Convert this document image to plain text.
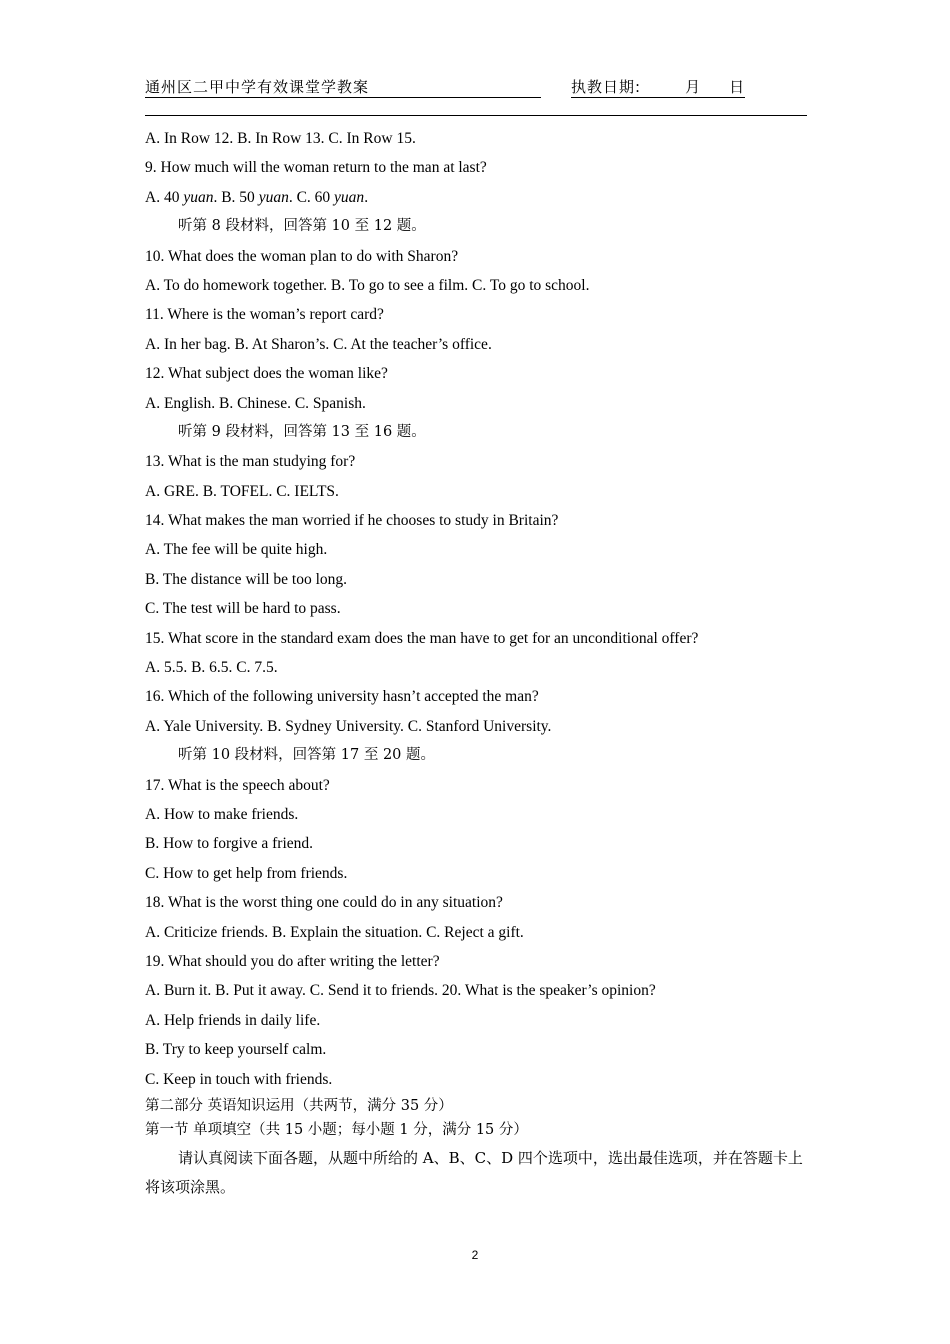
通州区二甲中学有效课堂学教案	执教日期:	月 日
A. In Row 12. B. In Row 13. C. In Row 15.
9. How much will the woman return to the man at last?
A. 40 yuan. B. 50 yuan. C. 60 yuan.
听第 8 段材料，回答第 10 至 12 题。
10. What does the woman plan to do with Sharon?
A. To do homework together. B. To go to see a film. C. To go to school.
11. Where is the woman’s report card?
A. In her bag. B. At Sharon’s. C. At the teacher’s office.
12. What subject does the woman like?
A. English. B. Chinese. C. Spanish.
听第 9 段材料，回答第 13 至 16 题。
13. What is the man studying for?
A. GRE. B. TOFEL. C. IELTS.
14. What makes the man worried if he chooses to study in Britain?
A. The fee will be quite high.
B. The distance will be too long.
C. The test will be hard to pass.
15. What score in the standard exam does the man have to get for an unconditional offer?
A. 5.5. B. 6.5. C. 7.5.
16. Which of the following university hasn’t accepted the man?
A. Yale University. B. Sydney University. C. Stanford University.
听第 10 段材料，回答第 17 至 20 题。
17. What is the speech about?
A. How to make friends.
B. How to forgive a friend.
C. How to get help from friends.
18. What is the worst thing one could do in any situation?
A. Criticize friends. B. Explain the situation. C. Reject a gift.
19. What should you do after writing the letter?
A. Burn it. B. Put it away. C. Send it to friends. 20. What is the speaker’s opinion?
A. Help friends in daily life.
B. Try to keep yourself calm.
C. Keep in touch with friends.
第二部分 英语知识运用（共两节，满分 35 分）
第一节 单项填空（共 15 小题；每小题 1 分，满分 15 分）
请认真阅读下面各题，从题中所给的 A、B、C、D 四个选项中，选出最佳选项，并在答题卡上将该项涂黑。
2
